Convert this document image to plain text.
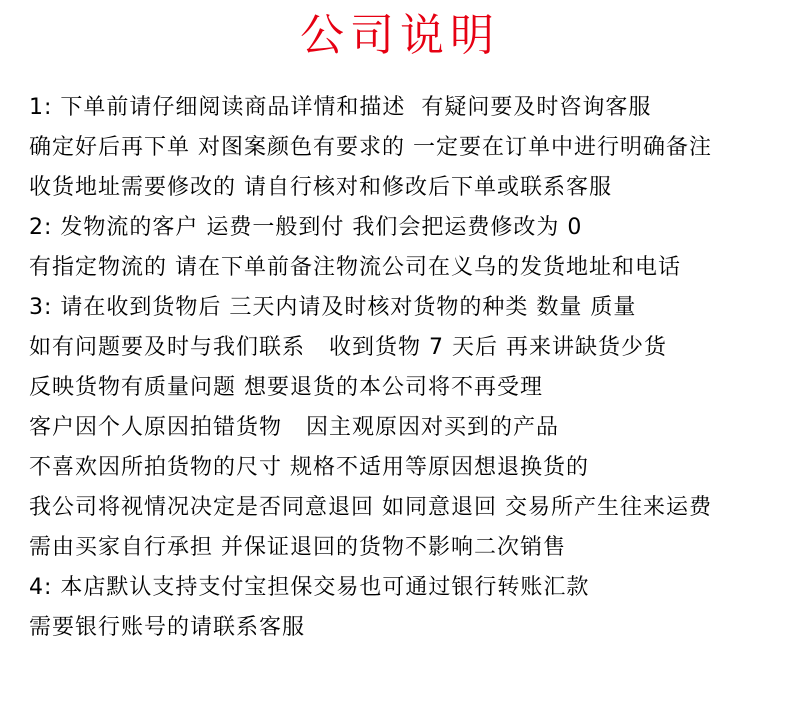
公司说明
1: 下单前请仔细阅读商品详情和描述  有疑问要及时咨询客服
确定好后再下单 对图案颜色有要求的 一定要在订单中进行明确备注
收货地址需要修改的 请自行核对和修改后下单或联系客服
2: 发物流的客户 运费一般到付 我们会把运费修改为 0
有指定物流的 请在下单前备注物流公司在义乌的发货地址和电话
3: 请在收到货物后 三天内请及时核对货物的种类 数量 质量
如有问题要及时与我们联系   收到货物 7 天后 再来讲缺货少货
反映货物有质量问题 想要退货的本公司将不再受理
客户因个人原因拍错货物   因主观原因对买到的产品
不喜欢因所拍货物的尺寸 规格不适用等原因想退换货的
我公司将视情况决定是否同意退回 如同意退回 交易所产生往来运费
需由买家自行承担 并保证退回的货物不影响二次销售
4: 本店默认支持支付宝担保交易也可通过银行转账汇款
需要银行账号的请联系客服
